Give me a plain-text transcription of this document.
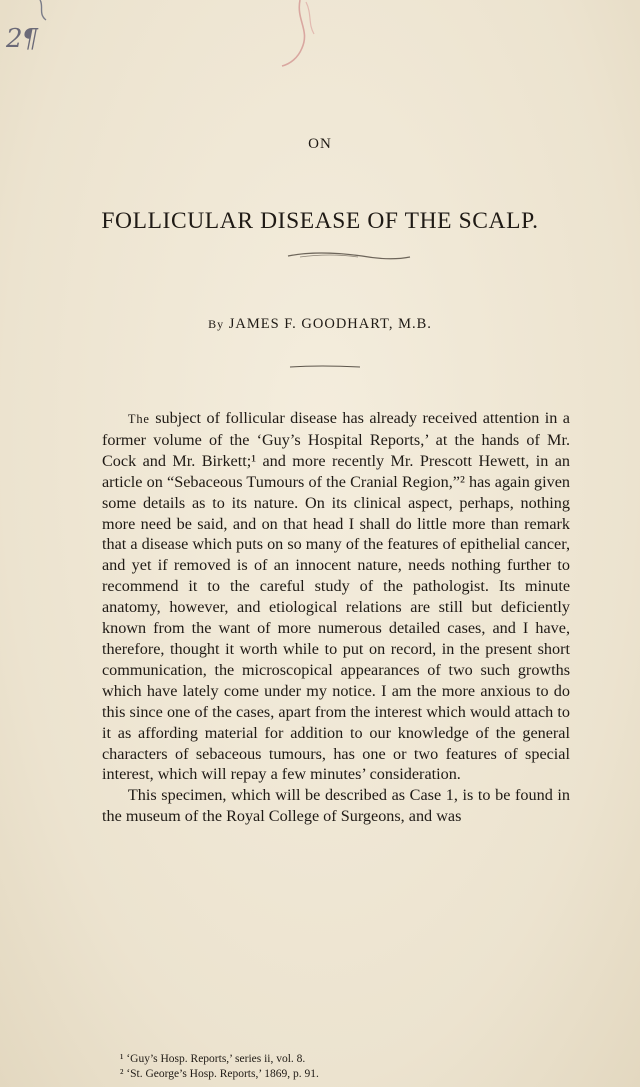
2¶
ON
FOLLICULAR DISEASE OF THE SCALP.
By JAMES F. GOODHART, M.B.

The subject of follicular disease has already received attention in a former volume of the ‘Guy’s Hospital Reports,’ at the hands of Mr. Cock and Mr. Birkett;¹ and more recently Mr. Prescott Hewett, in an article on “Sebaceous Tumours of the Cranial Region,”² has again given some details as to its nature. On its clinical aspect, perhaps, nothing more need be said, and on that head I shall do little more than remark that a disease which puts on so many of the features of epithelial cancer, and yet if removed is of an innocent nature, needs nothing further to recommend it to the careful study of the pathologist. Its minute anatomy, however, and etiological relations are still but deficiently known from the want of more numerous detailed cases, and I have, therefore, thought it worth while to put on record, in the present short communication, the microscopical appearances of two such growths which have lately come under my notice. I am the more anxious to do this since one of the cases, apart from the interest which would attach to it as affording material for addition to our knowledge of the general characters of sebaceous tumours, has one or two features of special interest, which will repay a few minutes’ consideration.

This specimen, which will be described as Case 1, is to be found in the museum of the Royal College of Surgeons, and was

¹ ‘Guy’s Hosp. Reports,’ series ii, vol. 8.
² ‘St. George’s Hosp. Reports,’ 1869, p. 91.
